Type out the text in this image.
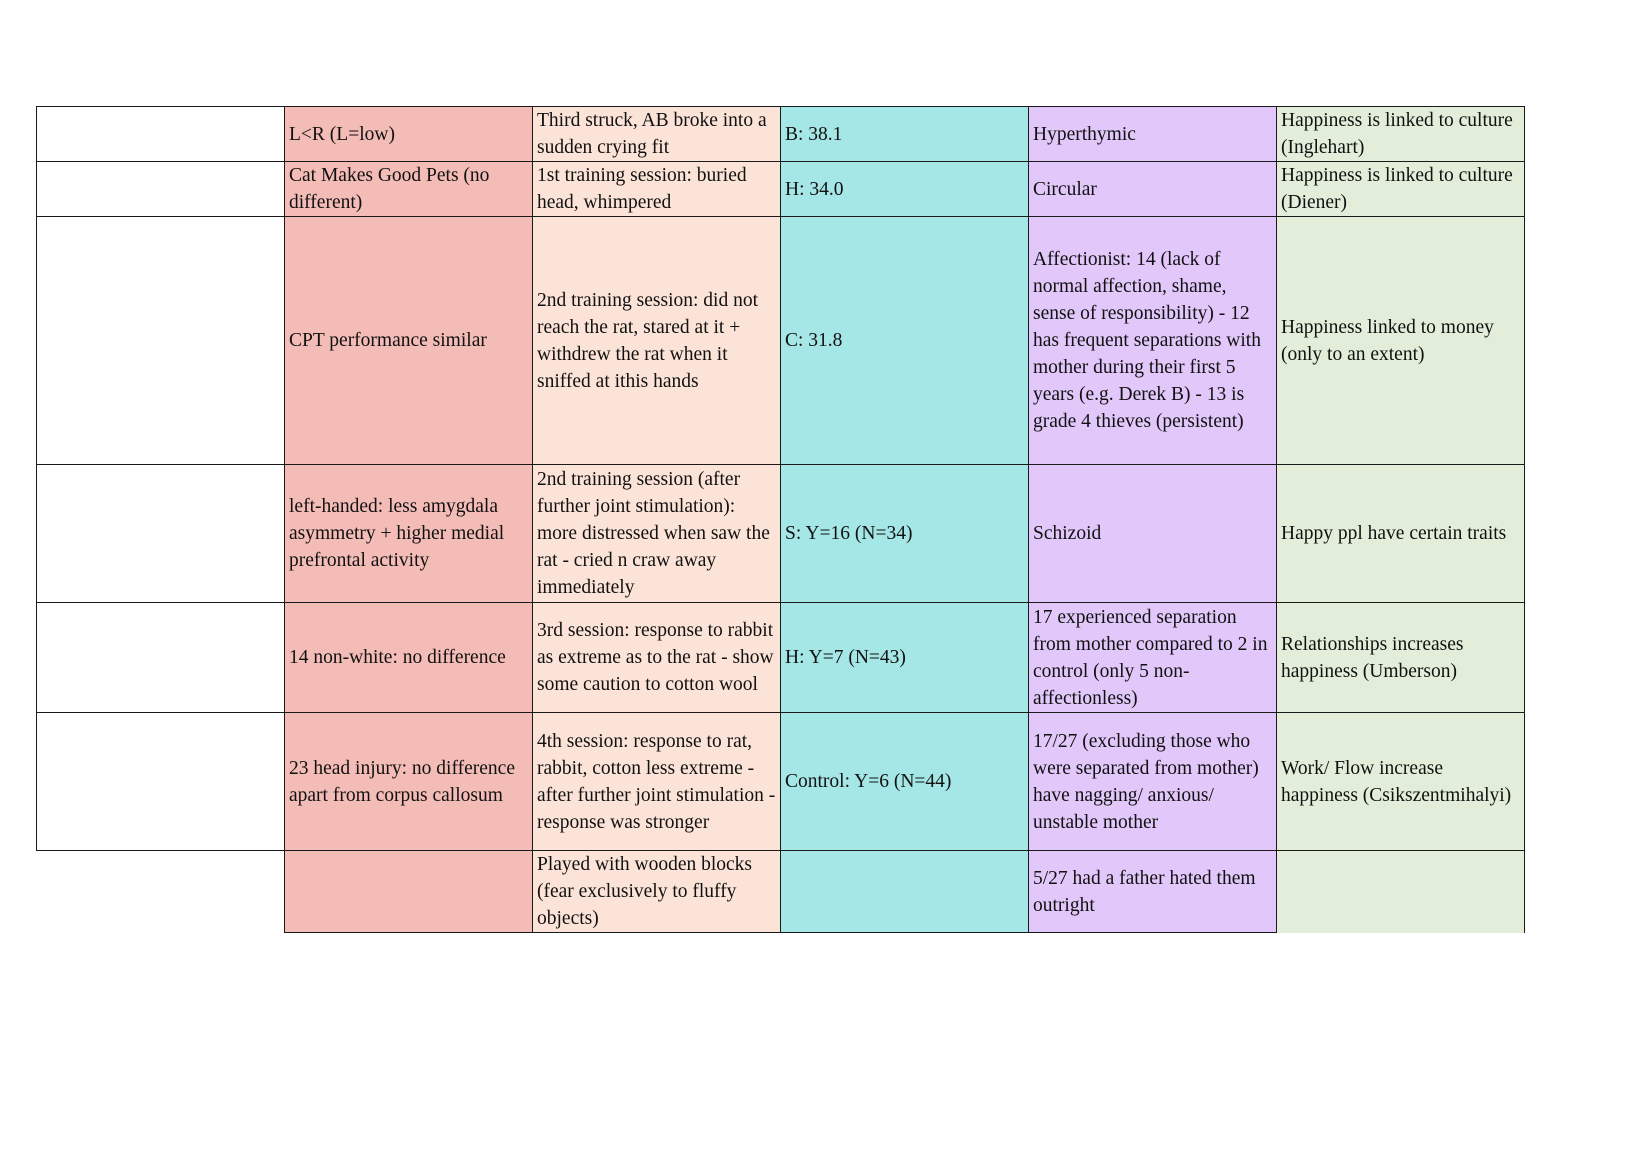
	L<R (L=low)	Third struck, AB broke into a sudden crying fit	B: 38.1	Hyperthymic	Happiness is linked to culture (Inglehart)
	Cat Makes Good Pets (no different)	1st training session: buried head, whimpered	H: 34.0	Circular	Happiness is linked to culture (Diener)
	CPT performance similar	2nd training session: did not reach the rat, stared at it + withdrew the rat when it sniffed at ithis hands	C: 31.8	Affectionist: 14 (lack of normal affection, shame, sense of responsibility) - 12 has frequent separations with mother during their first 5 years (e.g. Derek B) - 13 is grade 4 thieves (persistent)	Happiness linked to money (only to an extent)
	left-handed: less amygdala asymmetry + higher medial prefrontal activity	2nd training session (after further joint stimulation): more distressed when saw the rat - cried n craw away immediately	S: Y=16 (N=34)	Schizoid	Happy ppl have certain traits
	14 non-white: no difference	3rd session: response to rabbit as extreme as to the rat - show some caution to cotton wool	H: Y=7 (N=43)	17 experienced separation from mother compared to 2 in control (only 5 non-affectionless)	Relationships increases happiness (Umberson)
	23 head injury: no difference apart from corpus callosum	4th session: response to rat, rabbit, cotton less extreme - after further joint stimulation - response was stronger	Control: Y=6 (N=44)	17/27 (excluding those who were separated from mother) have nagging/ anxious/ unstable mother	Work/ Flow increase happiness (Csikszentmihalyi)
		Played with wooden blocks (fear exclusively to fluffy objects)		5/27 had a father hated them outright	
